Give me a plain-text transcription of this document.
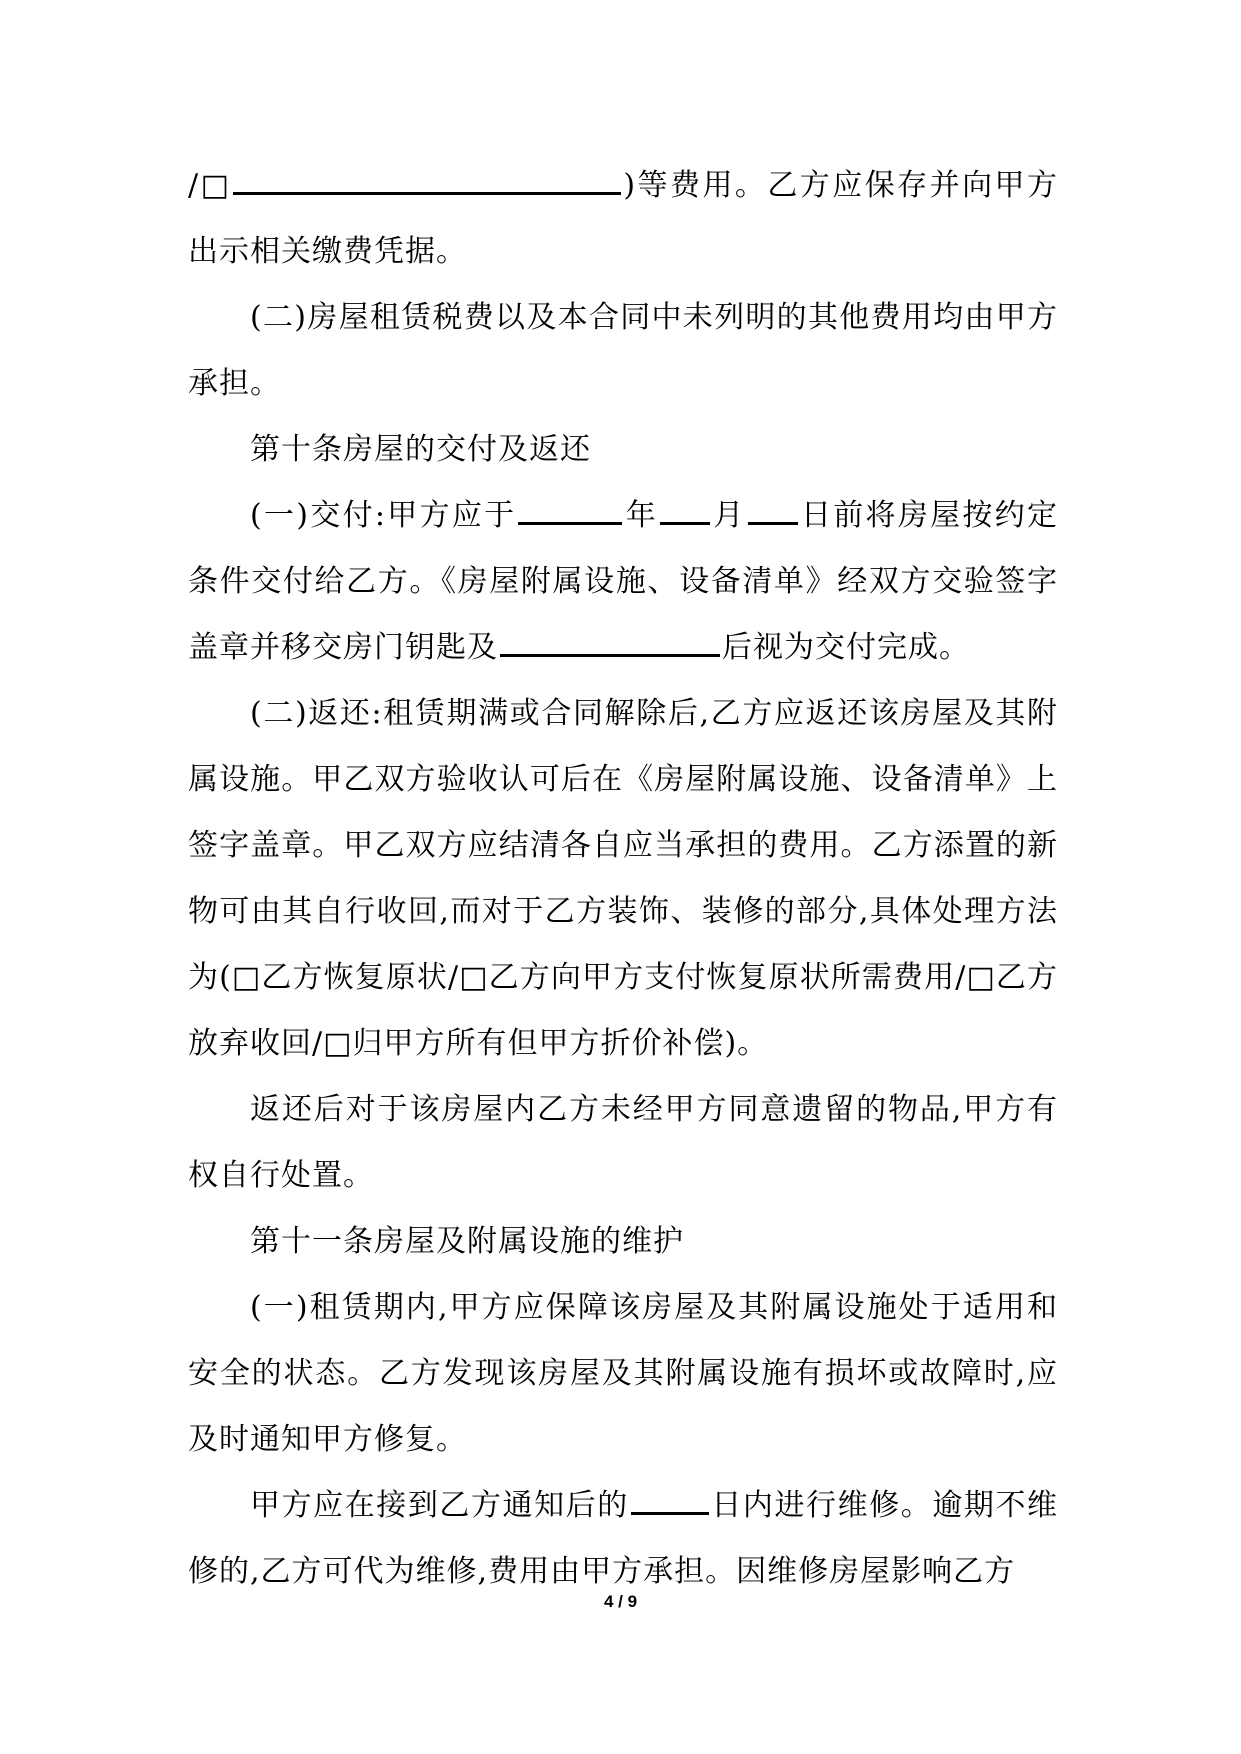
/□	)等费用。乙方应保存并向甲方出示相关缴费凭据。

(二)房屋租赁税费以及本合同中未列明的其他费用均由甲方承担。

第十条房屋的交付及返还

(一)交付:甲方应于	年 月 日前将房屋按约定条件交付给乙方。《房屋附属设施、设备清单》经双方交验签字盖章并移交房门钥匙及	后视为交付完成。

(二)返还:租赁期满或合同解除后,乙方应返还该房屋及其附属设施。甲乙双方验收认可后在《房屋附属设施、设备清单》上签字盖章。甲乙双方应结清各自应当承担的费用。乙方添置的新物可由其自行收回,而对于乙方装饰、装修的部分,具体处理方法为(□乙方恢复原状/□乙方向甲方支付恢复原状所需费用/□乙方放弃收回/□归甲方所有但甲方折价补偿)。

返还后对于该房屋内乙方未经甲方同意遗留的物品,甲方有权自行处置。

第十一条房屋及附属设施的维护

(一)租赁期内,甲方应保障该房屋及其附属设施处于适用和安全的状态。乙方发现该房屋及其附属设施有损坏或故障时,应及时通知甲方修复。

甲方应在接到乙方通知后的	日内进行维修。逾期不维修的,乙方可代为维修,费用由甲方承担。因维修房屋影响乙方

4 / 9
